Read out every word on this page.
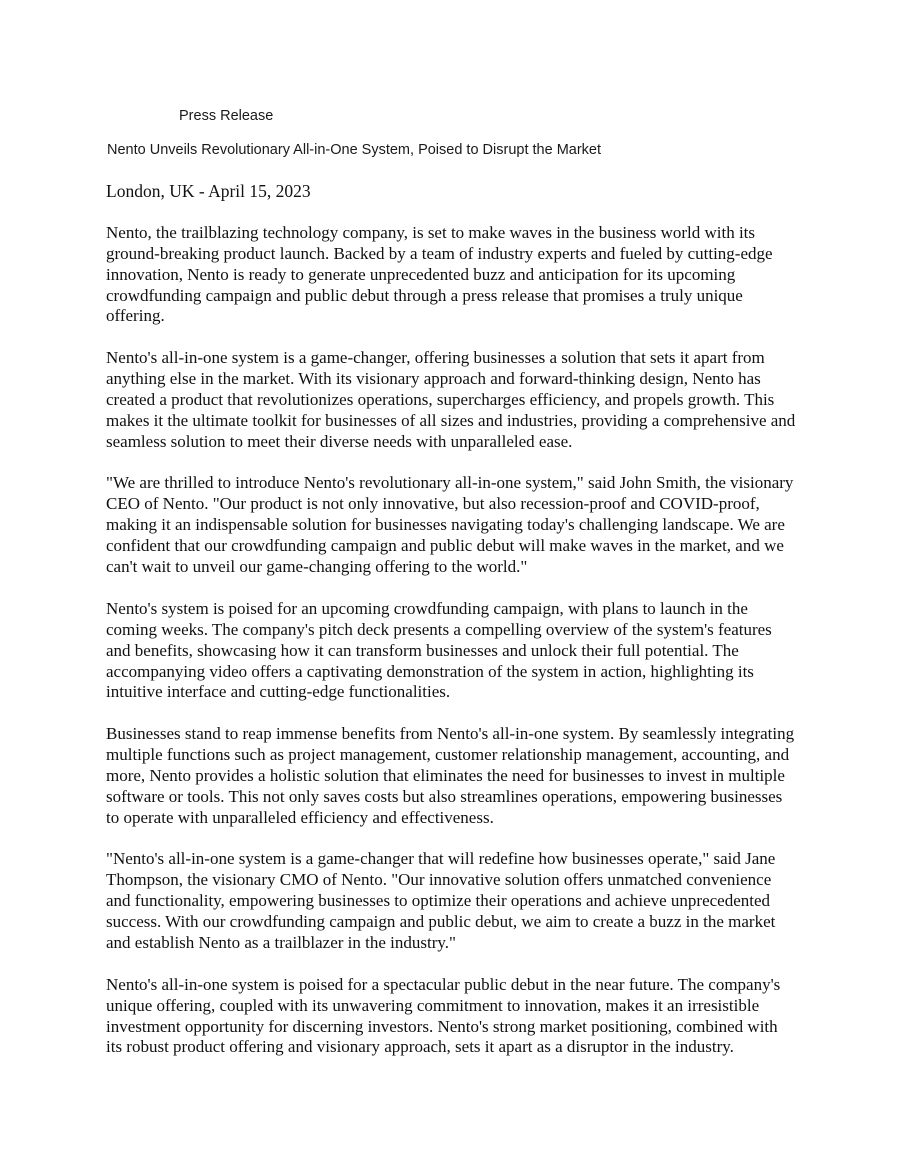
Press Release
Nento Unveils Revolutionary All-in-One System, Poised to Disrupt the Market

London, UK - April 15, 2023

Nento, the trailblazing technology company, is set to make waves in the business world with its ground-breaking product launch. Backed by a team of industry experts and fueled by cutting-edge innovation, Nento is ready to generate unprecedented buzz and anticipation for its upcoming crowdfunding campaign and public debut through a press release that promises a truly unique offering.

Nento's all-in-one system is a game-changer, offering businesses a solution that sets it apart from anything else in the market. With its visionary approach and forward-thinking design, Nento has created a product that revolutionizes operations, supercharges efficiency, and propels growth. This makes it the ultimate toolkit for businesses of all sizes and industries, providing a comprehensive and seamless solution to meet their diverse needs with unparalleled ease.

"We are thrilled to introduce Nento's revolutionary all-in-one system," said John Smith, the visionary CEO of Nento. "Our product is not only innovative, but also recession-proof and COVID-proof, making it an indispensable solution for businesses navigating today's challenging landscape. We are confident that our crowdfunding campaign and public debut will make waves in the market, and we can't wait to unveil our game-changing offering to the world."

Nento's system is poised for an upcoming crowdfunding campaign, with plans to launch in the coming weeks. The company's pitch deck presents a compelling overview of the system's features and benefits, showcasing how it can transform businesses and unlock their full potential. The accompanying video offers a captivating demonstration of the system in action, highlighting its intuitive interface and cutting-edge functionalities.

Businesses stand to reap immense benefits from Nento's all-in-one system. By seamlessly integrating multiple functions such as project management, customer relationship management, accounting, and more, Nento provides a holistic solution that eliminates the need for businesses to invest in multiple software or tools. This not only saves costs but also streamlines operations, empowering businesses to operate with unparalleled efficiency and effectiveness.

"Nento's all-in-one system is a game-changer that will redefine how businesses operate," said Jane Thompson, the visionary CMO of Nento. "Our innovative solution offers unmatched convenience and functionality, empowering businesses to optimize their operations and achieve unprecedented success. With our crowdfunding campaign and public debut, we aim to create a buzz in the market and establish Nento as a trailblazer in the industry."

Nento's all-in-one system is poised for a spectacular public debut in the near future. The company's unique offering, coupled with its unwavering commitment to innovation, makes it an irresistible investment opportunity for discerning investors. Nento's strong market positioning, combined with its robust product offering and visionary approach, sets it apart as a disruptor in the industry.
